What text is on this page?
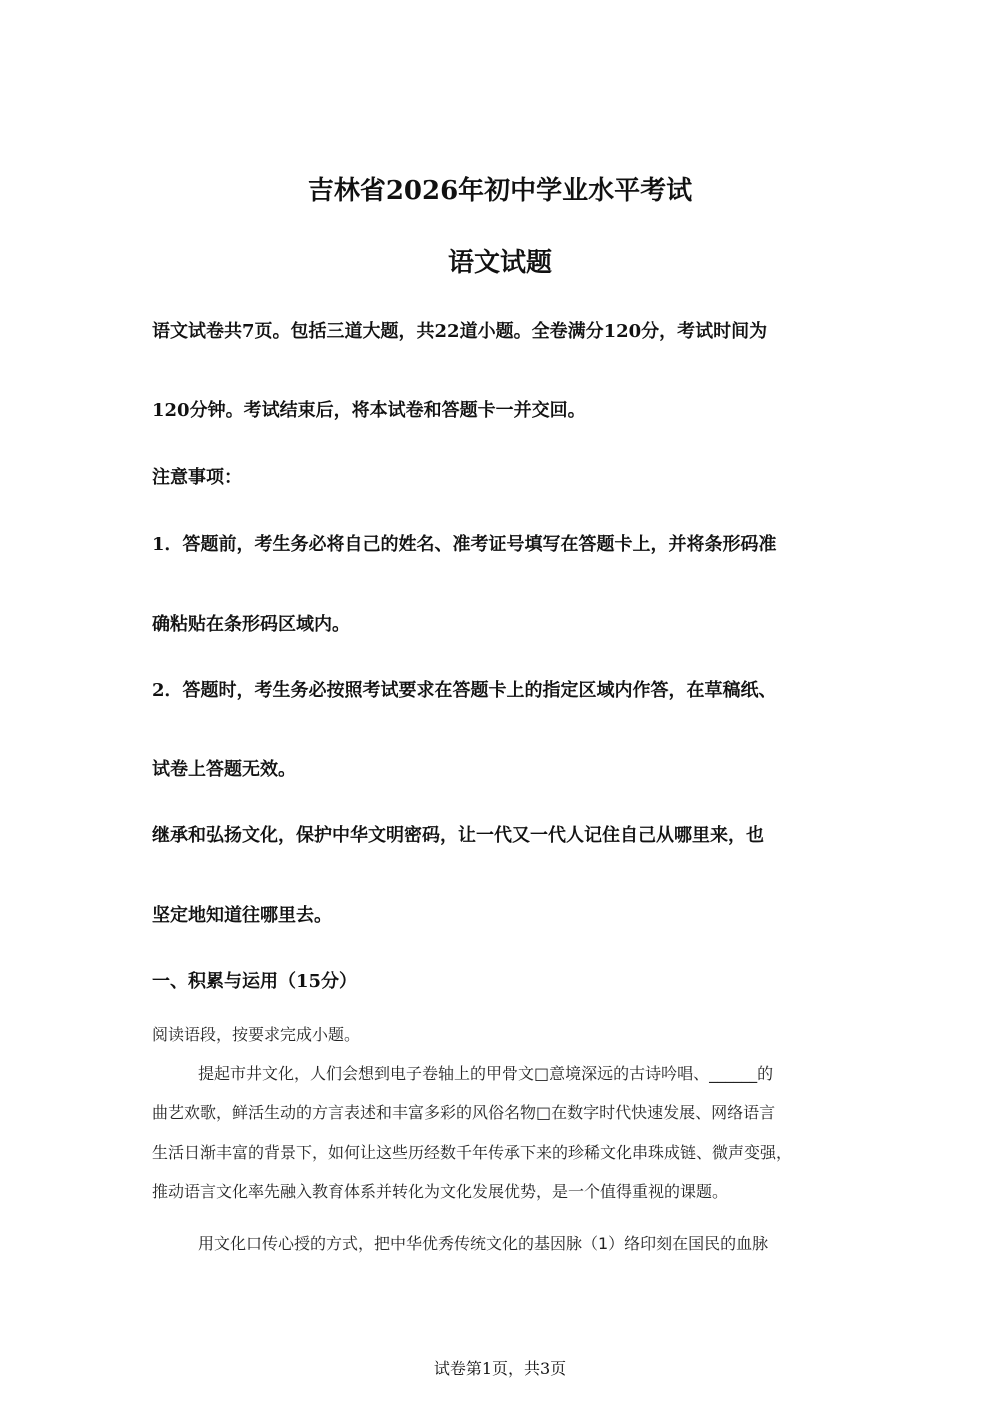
吉林省2026年初中学业水平考试
语文试题
语文试卷共7页。包括三道大题，共22道小题。全卷满分120分，考试时间为
120分钟。考试结束后，将本试卷和答题卡一并交回。
注意事项：
1．答题前，考生务必将自己的姓名、准考证号填写在答题卡上，并将条形码准
确粘贴在条形码区域内。
2．答题时，考生务必按照考试要求在答题卡上的指定区域内作答，在草稿纸、
试卷上答题无效。
继承和弘扬文化，保护中华文明密码，让一代又一代人记住自己从哪里来，也
坚定地知道往哪里去。
一、积累与运用（15分）
阅读语段，按要求完成小题。
提起市井文化，人们会想到电子卷轴上的甲骨文□意境深远的古诗吟唱、______的
曲艺欢歌，鲜活生动的方言表述和丰富多彩的风俗名物□在数字时代快速发展、网络语言
生活日渐丰富的背景下，如何让这些历经数千年传承下来的珍稀文化串珠成链、微声变强，
推动语言文化率先融入教育体系并转化为文化发展优势，是一个值得重视的课题。
用文化口传心授的方式，把中华优秀传统文化的基因脉（1）络印刻在国民的血脉
试卷第1页，共3页
